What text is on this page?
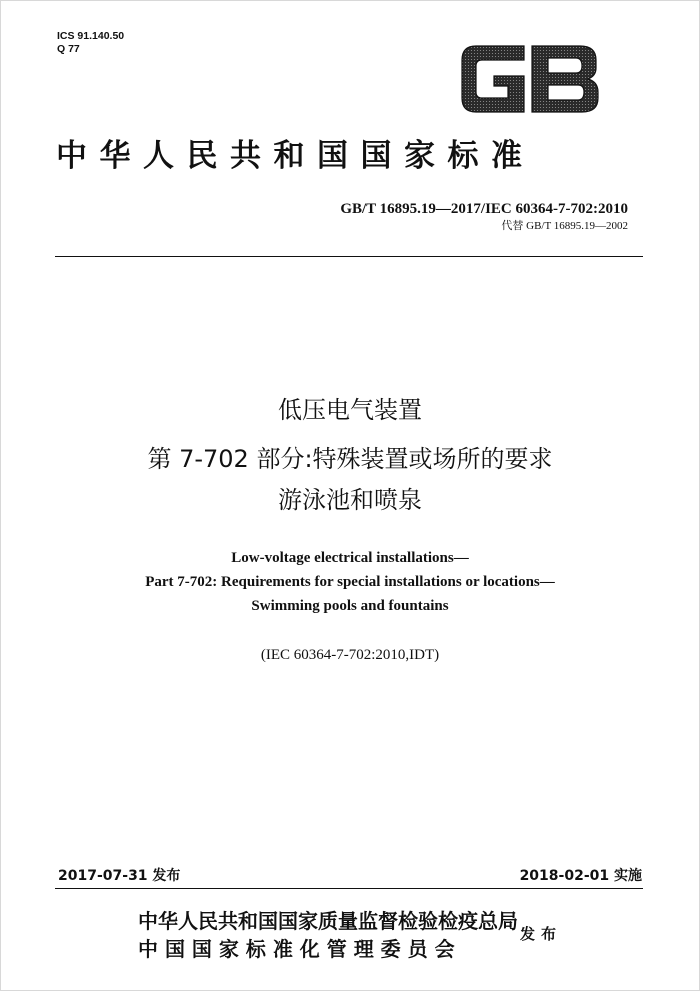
ICS 91.140.50
Q 77
中华人民共和国国家标准
GB/T 16895.19—2017/IEC 60364-7-702:2010
代替 GB/T 16895.19—2002
低压电气装置
第 7-702 部分:特殊装置或场所的要求
游泳池和喷泉
Low-voltage electrical installations—
Part 7-702: Requirements for special installations or locations—
Swimming pools and fountains
(IEC 60364-7-702:2010,IDT)
2017-07-31 发布	2018-02-01 实施
中华人民共和国国家质量监督检验检疫总局
中 国 国 家 标 准 化 管 理 委 员 会
发布
